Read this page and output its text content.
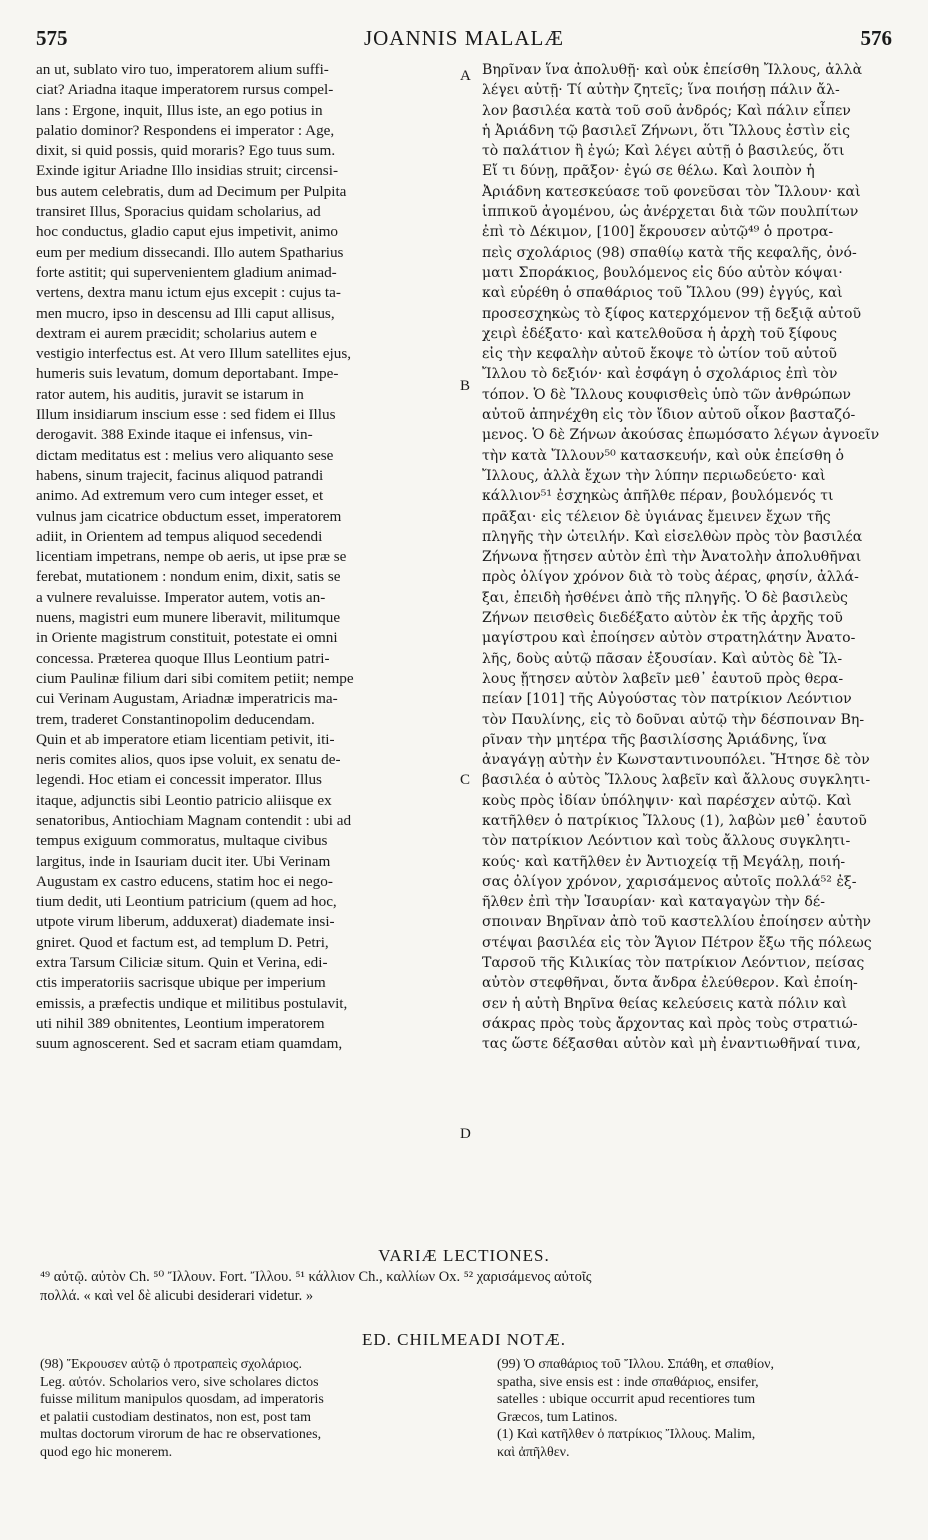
575	JOANNIS MALALÆ	576

an ut, sublato viro tuo, imperatorem alium suffi-

ciat? Ariadna itaque imperatorem rursus compel-

lans : Ergone, inquit, Illus iste, an ego potius in

palatio dominor? Respondens ei imperator : Age,

dixit, si quid possis, quid moraris? Ego tuus sum.

Exinde igitur Ariadne Illo insidias struit; circensi-

bus autem celebratis, dum ad Decimum per Pulpita

transiret Illus, Sporacius quidam scholarius, ad

hoc conductus, gladio caput ejus impetivit, animo

eum per medium dissecandi. Illo autem Spatharius

forte astitit; qui supervenientem gladium animad-

vertens, dextra manu ictum ejus excepit : cujus ta-

men mucro, ipso in descensu ad Illi caput allisus,

dextram ei aurem præcidit; scholarius autem e

vestigio interfectus est. At vero Illum satellites ejus,

humeris suis levatum, domum deportabant. Impe-

rator autem, his auditis, juravit se istarum in

Illum insidiarum inscium esse : sed fidem ei Illus

derogavit. 388 Exinde itaque ei infensus, vin-

dictam meditatus est : melius vero aliquanto sese

habens, sinum trajecit, facinus aliquod patrandi

animo. Ad extremum vero cum integer esset, et

vulnus jam cicatrice obductum esset, imperatorem

adiit, in Orientem ad tempus aliquod secedendi

licentiam impetrans, nempe ob aeris, ut ipse præ se

ferebat, mutationem : nondum enim, dixit, satis se

a vulnere revaluisse. Imperator autem, votis an-

nuens, magistri eum munere liberavit, militumque

in Oriente magistrum constituit, potestate ei omni

concessa. Præterea quoque Illus Leontium patri-

cium Paulinæ filium dari sibi comitem petiit; nempe

cui Verinam Augustam, Ariadnæ imperatricis ma-

trem, traderet Constantinopolim deducendam.

Quin et ab imperatore etiam licentiam petivit, iti-

neris comites alios, quos ipse voluit, ex senatu de-

legendi. Hoc etiam ei concessit imperator. Illus

itaque, adjunctis sibi Leontio patricio aliisque ex

senatoribus, Antiochiam Magnam contendit : ubi ad

tempus exiguum commoratus, multaque civibus

largitus, inde in Isauriam ducit iter. Ubi Verinam

Augustam ex castro educens, statim hoc ei nego-

tium dedit, uti Leontium patricium (quem ad hoc,

utpote virum liberum, adduxerat) diademate insi-

gniret. Quod et factum est, ad templum D. Petri,

extra Tarsum Ciliciæ situm. Quin et Verina, edi-

ctis imperatoriis sacrisque ubique per imperium

emissis, a præfectis undique et militibus postulavit,

uti nihil 389 obnitentes, Leontium imperatorem

suum agnoscerent. Sed et sacram etiam quamdam,

A
B
C
D

Βηρῖναν ἵνα ἀπολυθῇ· καὶ οὐκ ἐπείσθη Ἴλλους, ἀλλὰ

λέγει αὐτῇ· Τί αὐτὴν ζητεῖς; ἵνα ποιήσῃ πάλιν ἄλ-

λον βασιλέα κατὰ τοῦ σοῦ ἀνδρός; Καὶ πάλιν εἶπεν

ἡ Ἀριάδνη τῷ βασιλεῖ Ζήνωνι, ὅτι Ἴλλους ἐστὶν εἰς

τὸ παλάτιον ἢ ἐγώ; Καὶ λέγει αὐτῇ ὁ βασιλεύς, ὅτι

Εἴ τι δύνῃ, πρᾶξον· ἐγώ σε θέλω. Καὶ λοιπὸν ἡ

Ἀριάδνη κατεσκεύασε τοῦ φονεῦσαι τὸν Ἴλλουν· καὶ

ἱππικοῦ ἀγομένου, ὡς ἀνέρχεται διὰ τῶν πουλπίτων

ἐπὶ τὸ Δέκιμον, [100] ἔκρουσεν αὐτῷ⁴⁹ ὁ προτρα-

πεὶς σχολάριος (98) σπαθίῳ κατὰ τῆς κεφαλῆς, ὀνό-

ματι Σποράκιος, βουλόμενος εἰς δύο αὐτὸν κόψαι·

καὶ εὑρέθη ὁ σπαθάριος τοῦ Ἴλλου (99) ἐγγύς, καὶ

προσεσχηκὼς τὸ ξίφος κατερχόμενον τῇ δεξιᾷ αὐτοῦ

χειρὶ ἐδέξατο· καὶ κατελθοῦσα ἡ ἀρχὴ τοῦ ξίφους

εἰς τὴν κεφαλὴν αὐτοῦ ἔκοψε τὸ ὠτίον τοῦ αὐτοῦ

Ἴλλου τὸ δεξιόν· καὶ ἐσφάγη ὁ σχολάριος ἐπὶ τὸν

τόπον. Ὁ δὲ Ἴλλους κουφισθεὶς ὑπὸ τῶν ἀνθρώπων

αὐτοῦ ἀπηνέχθη εἰς τὸν ἴδιον αὐτοῦ οἶκον βασταζό-

μενος. Ὁ δὲ Ζήνων ἀκούσας ἐπωμόσατο λέγων ἀγνοεῖν

τὴν κατὰ Ἴλλουν⁵⁰ κατασκευήν, καὶ οὐκ ἐπείσθη ὁ

Ἴλλους, ἀλλὰ ἔχων τὴν λύπην περιωδεύετο· καὶ

κάλλιον⁵¹ ἐσχηκὼς ἀπῆλθε πέραν, βουλόμενός τι

πρᾶξαι· εἰς τέλειον δὲ ὑγιάνας ἔμεινεν ἔχων τῆς

πληγῆς τὴν ὠτειλήν. Καὶ εἰσελθὼν πρὸς τὸν βασιλέα

Ζήνωνα ᾔτησεν αὐτὸν ἐπὶ τὴν Ἀνατολὴν ἀπολυθῆναι

πρὸς ὀλίγον χρόνον διὰ τὸ τοὺς ἀέρας, φησίν, ἀλλά-

ξαι, ἐπειδὴ ἠσθένει ἀπὸ τῆς πληγῆς. Ὁ δὲ βασιλεὺς

Ζήνων πεισθεὶς διεδέξατο αὐτὸν ἐκ τῆς ἀρχῆς τοῦ

μαγίστρου καὶ ἐποίησεν αὐτὸν στρατηλάτην Ἀνατο-

λῆς, δοὺς αὐτῷ πᾶσαν ἐξουσίαν. Καὶ αὐτὸς δὲ Ἴλ-

λους ᾔτησεν αὐτὸν λαβεῖν μεθ᾽ ἑαυτοῦ πρὸς θερα-

πείαν [101] τῆς Αὐγούστας τὸν πατρίκιον Λεόντιον

τὸν Παυλίνης, εἰς τὸ δοῦναι αὐτῷ τὴν δέσποιναν Βη-

ρῖναν τὴν μητέρα τῆς βασιλίσσης Ἀριάδνης, ἵνα

ἀναγάγῃ αὐτὴν ἐν Κωνσταντινουπόλει. Ἤτησε δὲ τὸν

βασιλέα ὁ αὐτὸς Ἴλλους λαβεῖν καὶ ἄλλους συγκλητι-

κοὺς πρὸς ἰδίαν ὑπόληψιν· καὶ παρέσχεν αὐτῷ. Καὶ

κατῆλθεν ὁ πατρίκιος Ἴλλους (1), λαβὼν μεθ᾽ ἑαυτοῦ

τὸν πατρίκιον Λεόντιον καὶ τοὺς ἄλλους συγκλητι-

κούς· καὶ κατῆλθεν ἐν Ἀντιοχείᾳ τῇ Μεγάλῃ, ποιή-

σας ὀλίγον χρόνον, χαρισάμενος αὐτοῖς πολλά⁵² ἐξ-

ῆλθεν ἐπὶ τὴν Ἰσαυρίαν· καὶ καταγαγὼν τὴν δέ-

σποιναν Βηρῖναν ἀπὸ τοῦ καστελλίου ἐποίησεν αὐτὴν

στέψαι βασιλέα εἰς τὸν Ἅγιον Πέτρον ἔξω τῆς πόλεως

Ταρσοῦ τῆς Κιλικίας τὸν πατρίκιον Λεόντιον, πείσας

αὐτὸν στεφθῆναι, ὄντα ἄνδρα ἐλεύθερον. Καὶ ἐποίη-

σεν ἡ αὐτὴ Βηρῖνα θείας κελεύσεις κατὰ πόλιν καὶ

σάκρας πρὸς τοὺς ἄρχοντας καὶ πρὸς τοὺς στρατιώ-

τας ὥστε δέξασθαι αὐτὸν καὶ μὴ ἐναντιωθῆναί τινα,

VARIÆ LECTIONES.

⁴⁹ αὐτῷ. αὐτὸν Ch. ⁵⁰ Ἴλλουν. Fort. Ἴλλου. ⁵¹ κάλλιον Ch., καλλίων Ox. ⁵² χαρισάμενος αὐτοῖς

πολλά. « καὶ vel δὲ alicubi desiderari videtur. »

ED. CHILMEADI NOTÆ.

(98) Ἔκρουσεν αὐτῷ ὁ προτραπεὶς σχολάριος.

Leg. αὐτόν. Scholarios vero, sive scholares dictos

fuisse militum manipulos quosdam, ad imperatoris

et palatii custodiam destinatos, non est, post tam

multas doctorum virorum de hac re observationes,

quod ego hic monerem.

(99) Ὁ σπαθάριος τοῦ Ἴλλου. Σπάθη, et σπαθίον,

spatha, sive ensis est : inde σπαθάριος, ensifer,

satelles : ubique occurrit apud recentiores tum

Græcos, tum Latinos.

(1) Καὶ κατῆλθεν ὁ πατρίκιος Ἴλλους. Malim,

καὶ ἀπῆλθεν.
